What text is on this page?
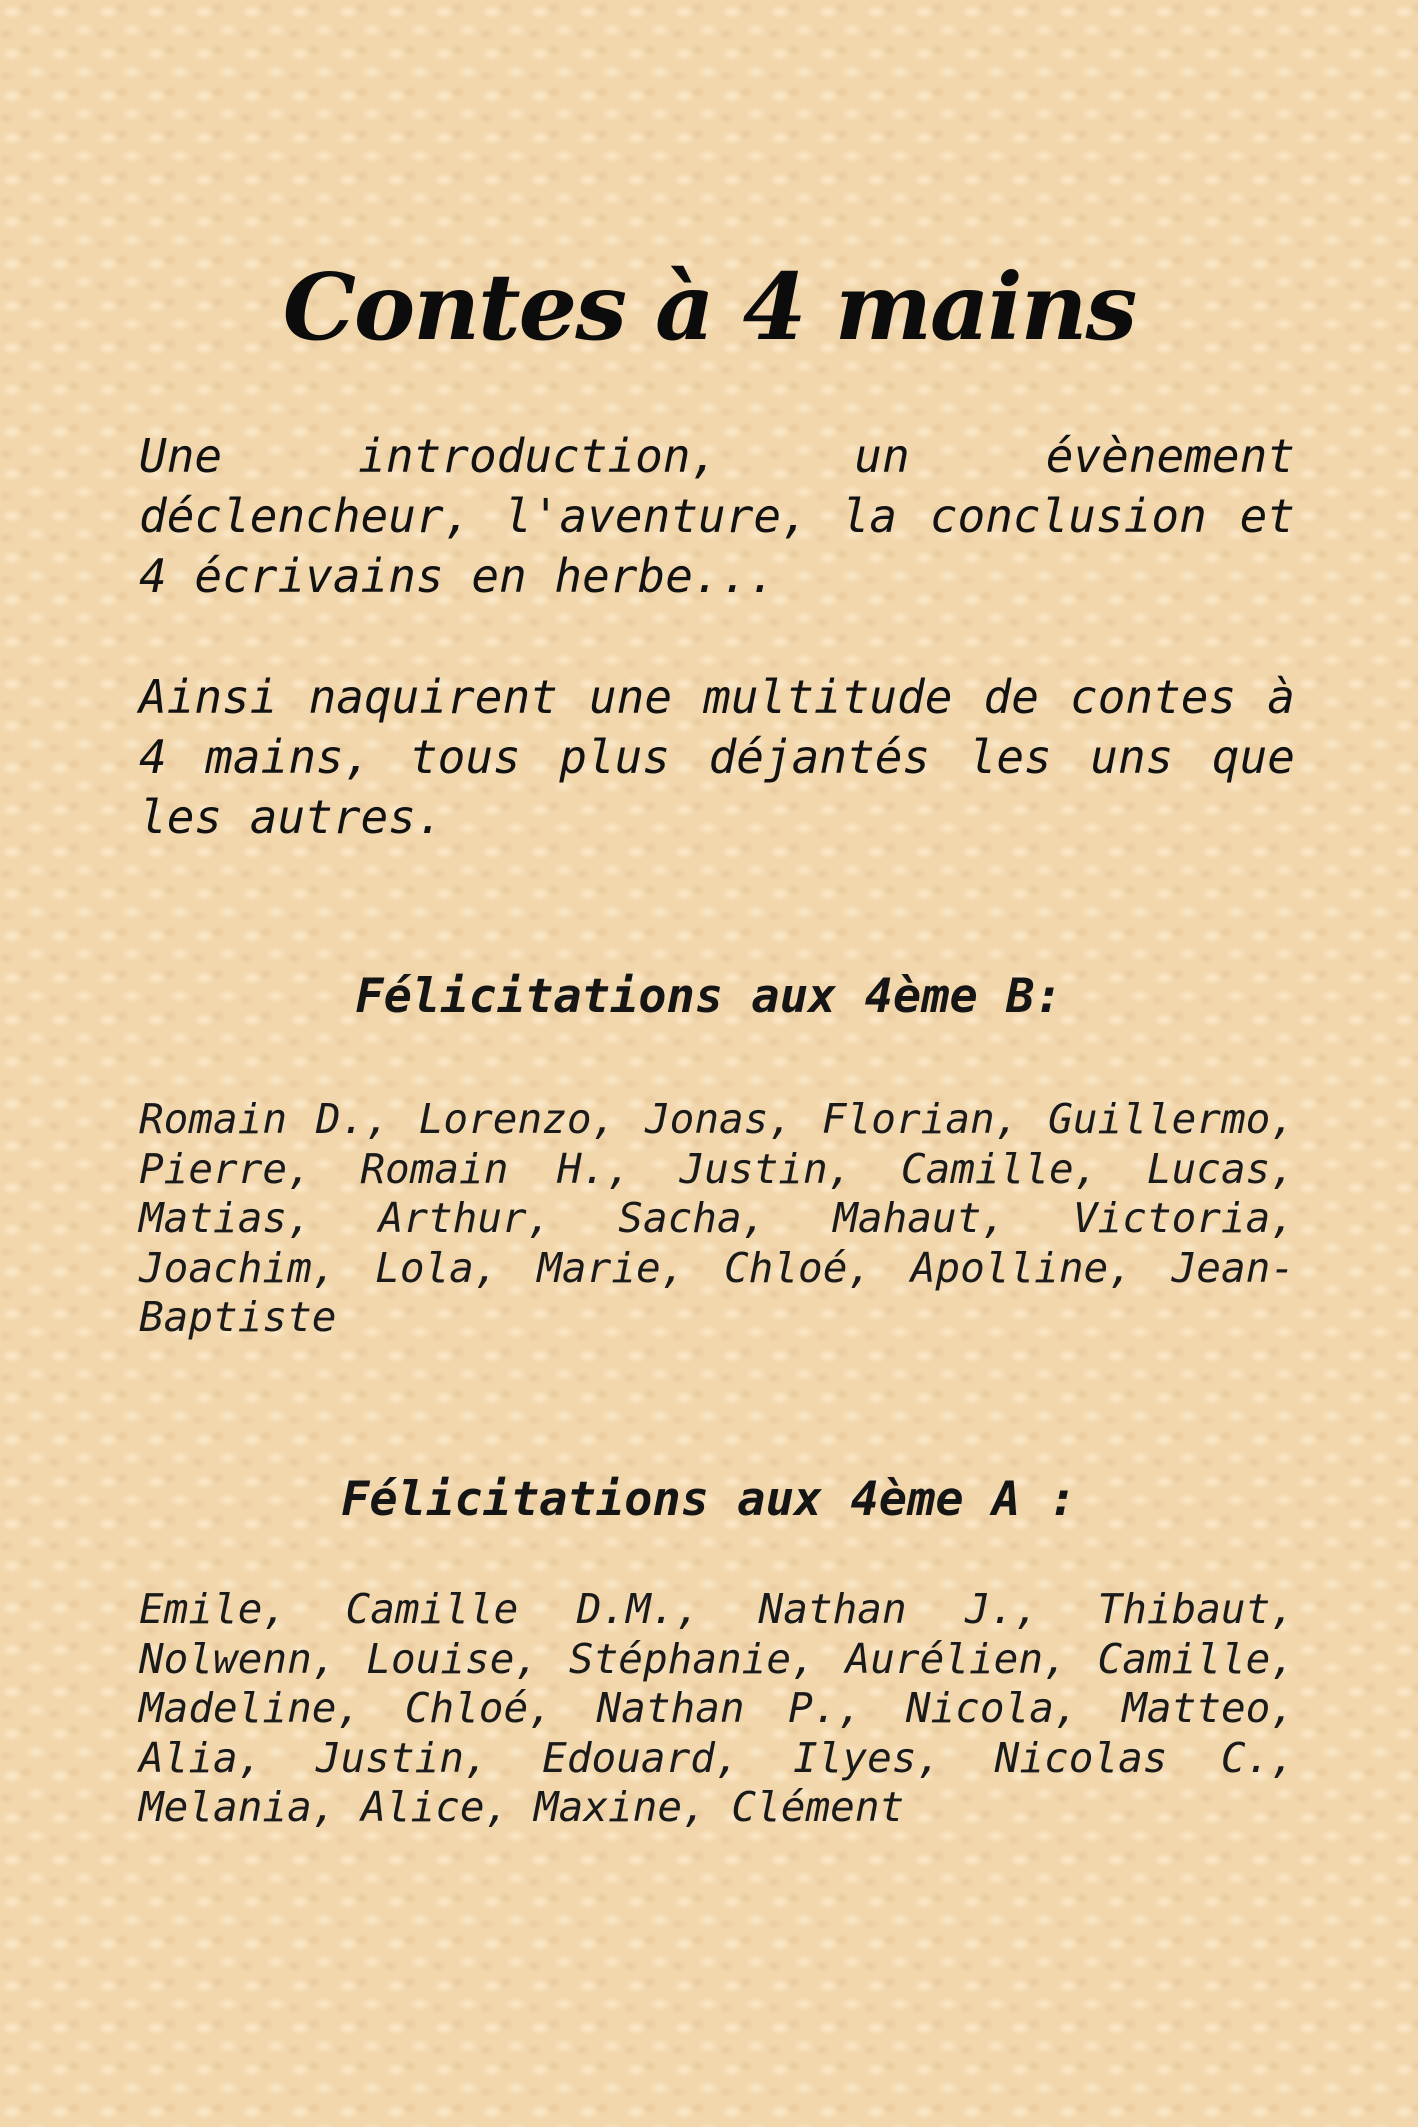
Contes à 4 mains

Une introduction, un évènement déclencheur, l'aventure, la conclusion et 4 écrivains en herbe...

Ainsi naquirent une multitude de contes à 4 mains, tous plus déjantés les uns que les autres.

Félicitations aux 4ème B:

Romain D., Lorenzo, Jonas, Florian, Guillermo, Pierre, Romain H., Justin, Camille, Lucas, Matias, Arthur, Sacha, Mahaut, Victoria, Joachim, Lola, Marie, Chloé, Apolline, Jean-Baptiste

Félicitations aux 4ème A :

Emile, Camille D.M., Nathan J., Thibaut, Nolwenn, Louise, Stéphanie, Aurélien, Camille, Madeline, Chloé, Nathan P., Nicola, Matteo, Alia, Justin, Edouard, Ilyes, Nicolas C., Melania, Alice, Maxine, Clément
